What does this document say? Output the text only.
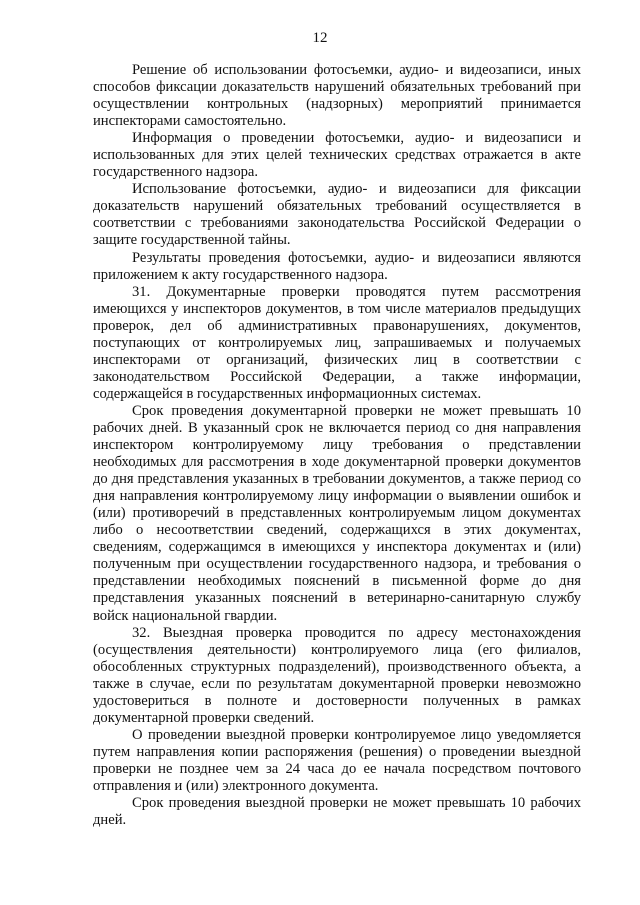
12

Решение об использовании фотосъемки, аудио- и видеозаписи, иных способов фиксации доказательств нарушений обязательных требований при осуществлении контрольных (надзорных) мероприятий принимается инспекторами самостоятельно.

Информация о проведении фотосъемки, аудио- и видеозаписи и использованных для этих целей технических средствах отражается в акте государственного надзора.

Использование фотосъемки, аудио- и видеозаписи для фиксации доказательств нарушений обязательных требований осуществляется в соответствии с требованиями законодательства Российской Федерации о защите государственной тайны.

Результаты проведения фотосъемки, аудио- и видеозаписи являются приложением к акту государственного надзора.

31. Документарные проверки проводятся путем рассмотрения имеющихся у инспекторов документов, в том числе материалов предыдущих проверок, дел об административных правонарушениях, документов, поступающих от контролируемых лиц, запрашиваемых и получаемых инспекторами от организаций, физических лиц в соответствии с законодательством Российской Федерации, а также информации, содержащейся в государственных информационных системах.

Срок проведения документарной проверки не может превышать 10 рабочих дней. В указанный срок не включается период со дня направления инспектором контролируемому лицу требования о представлении необходимых для рассмотрения в ходе документарной проверки документов до дня представления указанных в требовании документов, а также период со дня направления контролируемому лицу информации о выявлении ошибок и (или) противоречий в представленных контролируемым лицом документах либо о несоответствии сведений, содержащихся в этих документах, сведениям, содержащимся в имеющихся у инспектора документах и (или) полученным при осуществлении государственного надзора, и требования о представлении необходимых пояснений в письменной форме до дня представления указанных пояснений в ветеринарно-санитарную службу войск национальной гвардии.

32. Выездная проверка проводится по адресу местонахождения (осуществления деятельности) контролируемого лица (его филиалов, обособленных структурных подразделений), производственного объекта, а также в случае, если по результатам документарной проверки невозможно удостовериться в полноте и достоверности полученных в рамках документарной проверки сведений.

О проведении выездной проверки контролируемое лицо уведомляется путем направления копии распоряжения (решения) о проведении выездной проверки не позднее чем за 24 часа до ее начала посредством почтового отправления и (или) электронного документа.

Срок проведения выездной проверки не может превышать 10 рабочих дней.
